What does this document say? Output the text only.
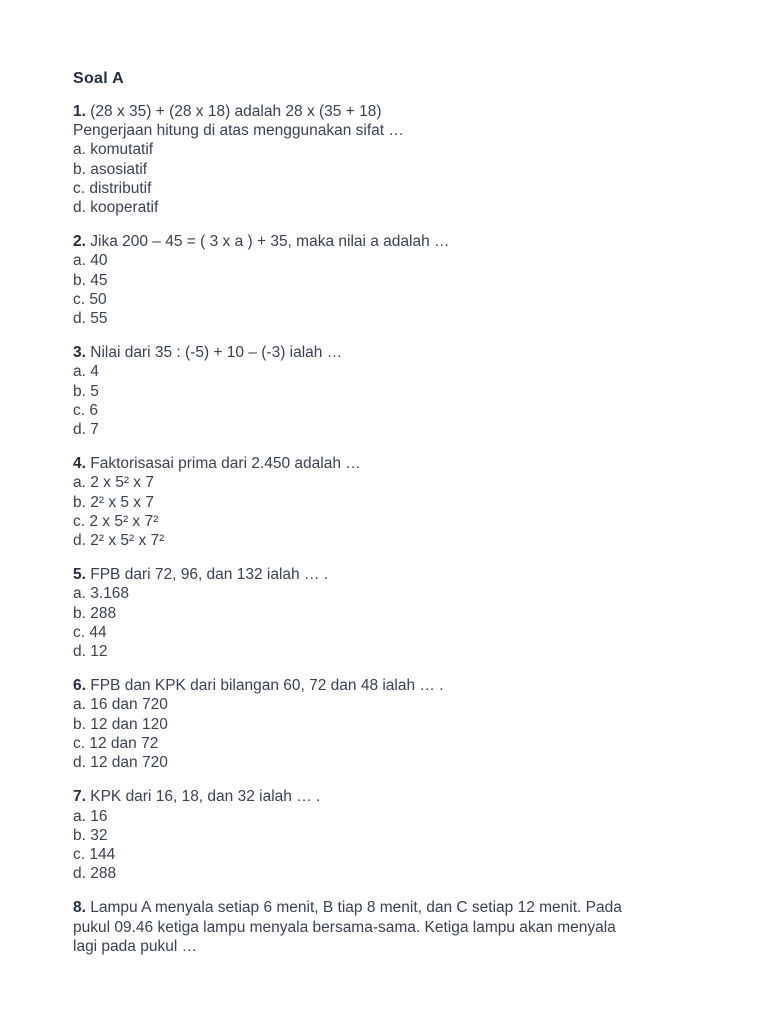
Soal A
1. (28 x 35) + (28 x 18) adalah 28 x (35 + 18)
Pengerjaan hitung di atas menggunakan sifat …
a. komutatif
b. asosiatif
c. distributif
d. kooperatif
2. Jika 200 – 45 = ( 3 x a ) + 35, maka nilai a adalah …
a. 40
b. 45
c. 50
d. 55
3. Nilai dari 35 : (-5) + 10 – (-3) ialah …
a. 4
b. 5
c. 6
d. 7
4. Faktorisasai prima dari 2.450 adalah …
a. 2 x 5² x 7
b. 2² x 5 x 7
c. 2 x 5² x 7²
d. 2² x 5² x 7²
5. FPB dari 72, 96, dan 132 ialah … .
a. 3.168
b. 288
c. 44
d. 12
6. FPB dan KPK dari bilangan 60, 72 dan 48 ialah … .
a. 16 dan 720
b. 12 dan 120
c. 12 dan 72
d. 12 dan 720
7. KPK dari 16, 18, dan 32 ialah … .
a. 16
b. 32
c. 144
d. 288
8. Lampu A menyala setiap 6 menit, B tiap 8 menit, dan C setiap 12 menit. Pada
pukul 09.46 ketiga lampu menyala bersama-sama. Ketiga lampu akan menyala
lagi pada pukul …
